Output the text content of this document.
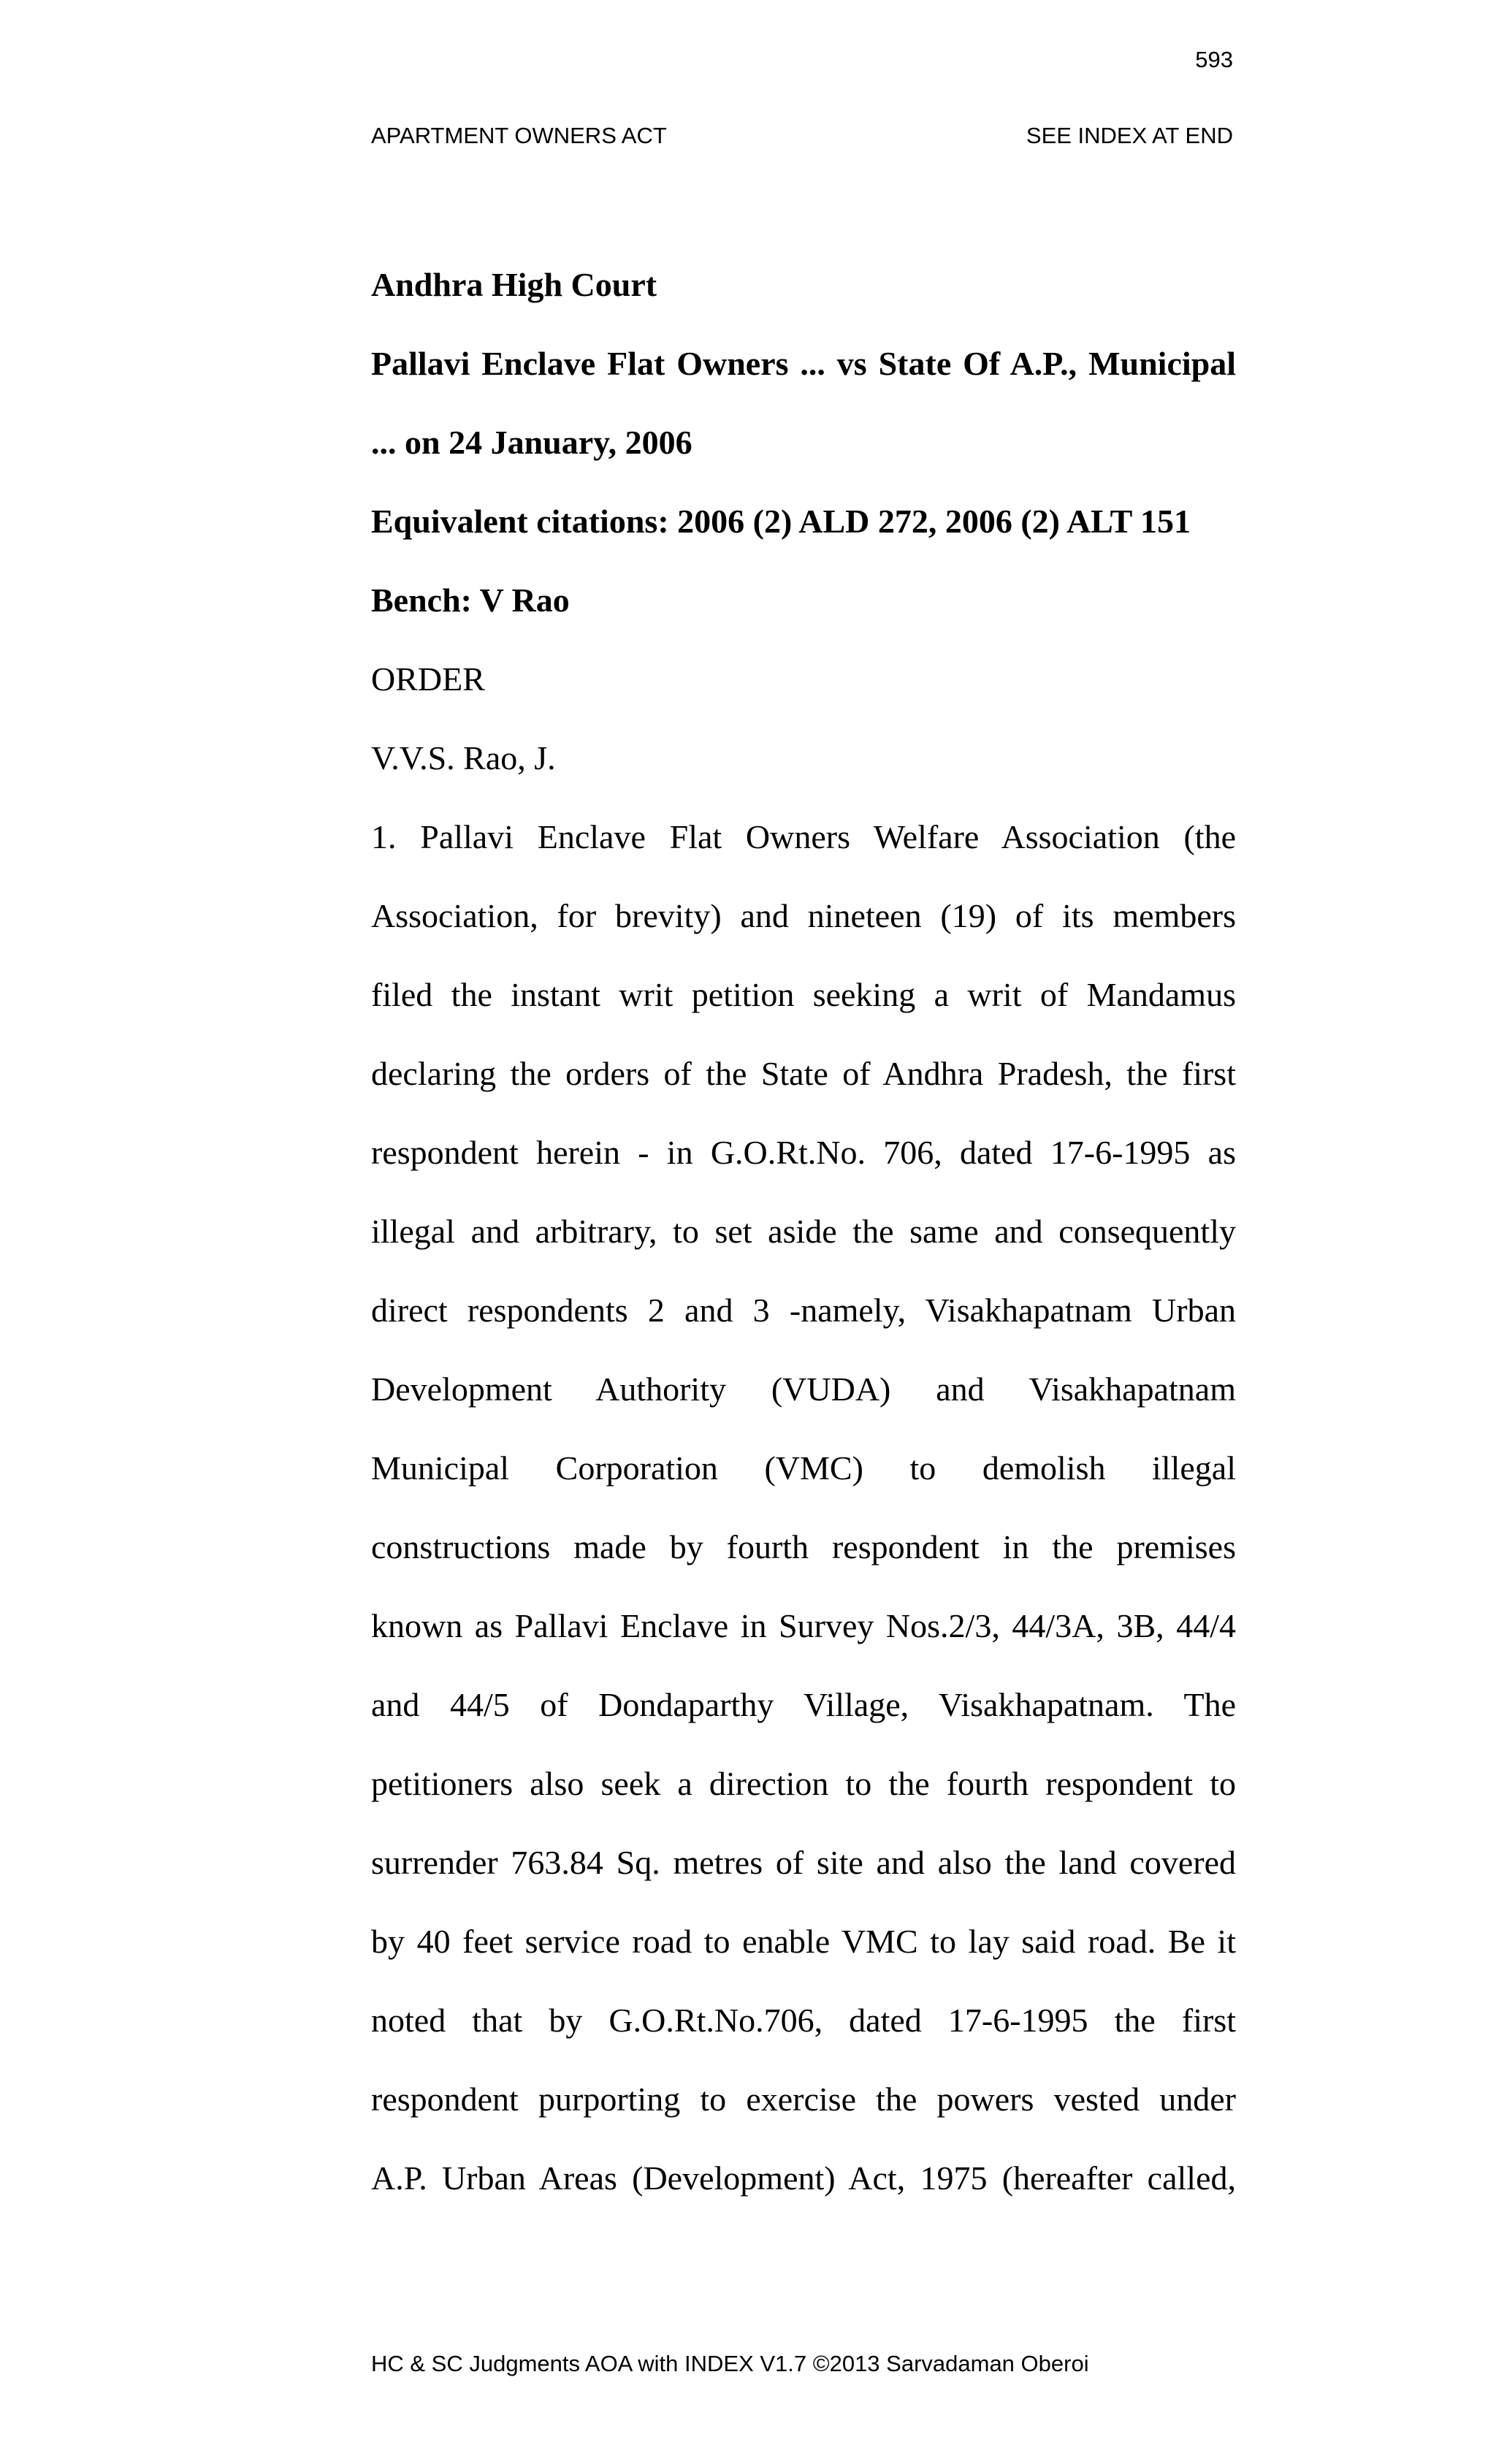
593
APARTMENT OWNERS ACT	SEE INDEX AT END
Andhra High Court
Pallavi Enclave Flat Owners ... vs State Of A.P., Municipal
... on 24 January, 2006
Equivalent citations: 2006 (2) ALD 272, 2006 (2) ALT 151
Bench: V Rao
ORDER
V.V.S. Rao, J.
1. Pallavi Enclave Flat Owners Welfare Association (the
Association, for brevity) and nineteen (19) of its members
filed the instant writ petition seeking a writ of Mandamus
declaring the orders of the State of Andhra Pradesh, the first
respondent herein - in G.O.Rt.No. 706, dated 17-6-1995 as
illegal and arbitrary, to set aside the same and consequently
direct respondents 2 and 3 -namely, Visakhapatnam Urban
Development Authority (VUDA) and Visakhapatnam
Municipal Corporation (VMC) to demolish illegal
constructions made by fourth respondent in the premises
known as Pallavi Enclave in Survey Nos.2/3, 44/3A, 3B, 44/4
and 44/5 of Dondaparthy Village, Visakhapatnam. The
petitioners also seek a direction to the fourth respondent to
surrender 763.84 Sq. metres of site and also the land covered
by 40 feet service road to enable VMC to lay said road. Be it
noted that by G.O.Rt.No.706, dated 17-6-1995 the first
respondent purporting to exercise the powers vested under
A.P. Urban Areas (Development) Act, 1975 (hereafter called,
HC & SC Judgments AOA with INDEX V1.7 ©2013 Sarvadaman Oberoi
